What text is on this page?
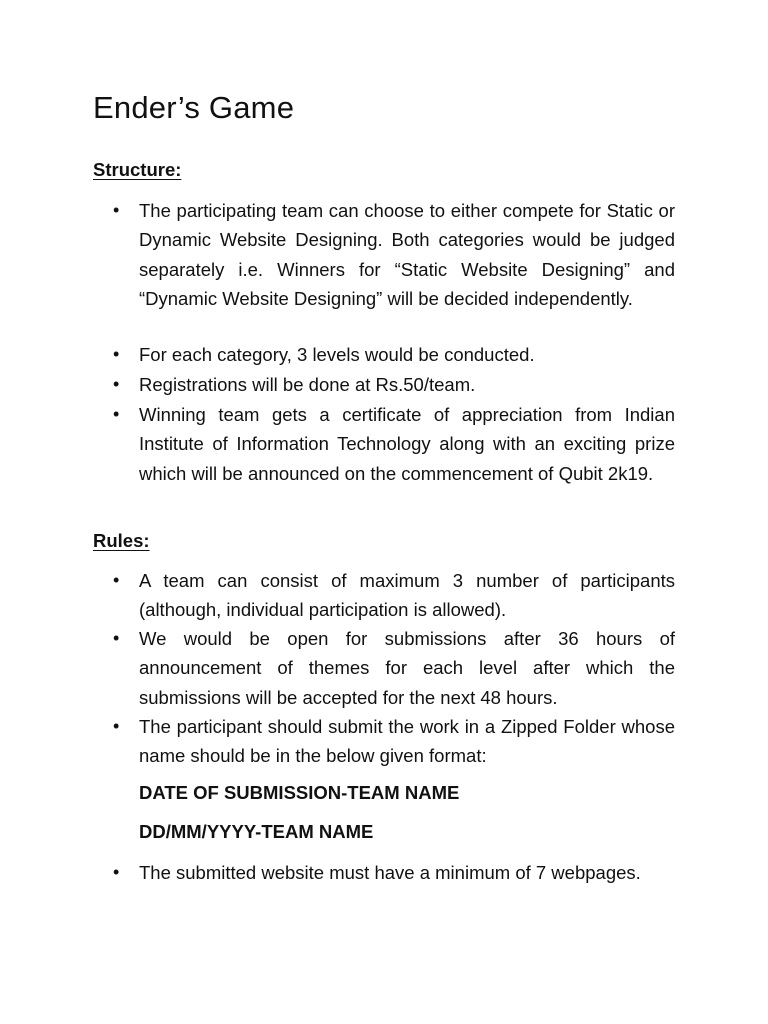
Ender’s Game
Structure:
•	The participating team can choose to either compete for Static or Dynamic Website Designing. Both categories would be judged separately i.e. Winners for “Static Website Designing” and “Dynamic Website Designing” will be decided independently.
•	For each category, 3 levels would be conducted.
•	Registrations will be done at Rs.50/team.
•	Winning team gets a certificate of appreciation from Indian Institute of Information Technology along with an exciting prize which will be announced on the commencement of Qubit 2k19.
Rules:
•	A team can consist of maximum 3 number of participants (although, individual participation is allowed).
•	We would be open for submissions after 36 hours of announcement of themes for each level after which the submissions will be accepted for the next 48 hours.
•	The participant should submit the work in a Zipped Folder whose name should be in the below given format:

DATE OF SUBMISSION-TEAM NAME

DD/MM/YYYY-TEAM NAME

•	The submitted website must have a minimum of 7 webpages.
